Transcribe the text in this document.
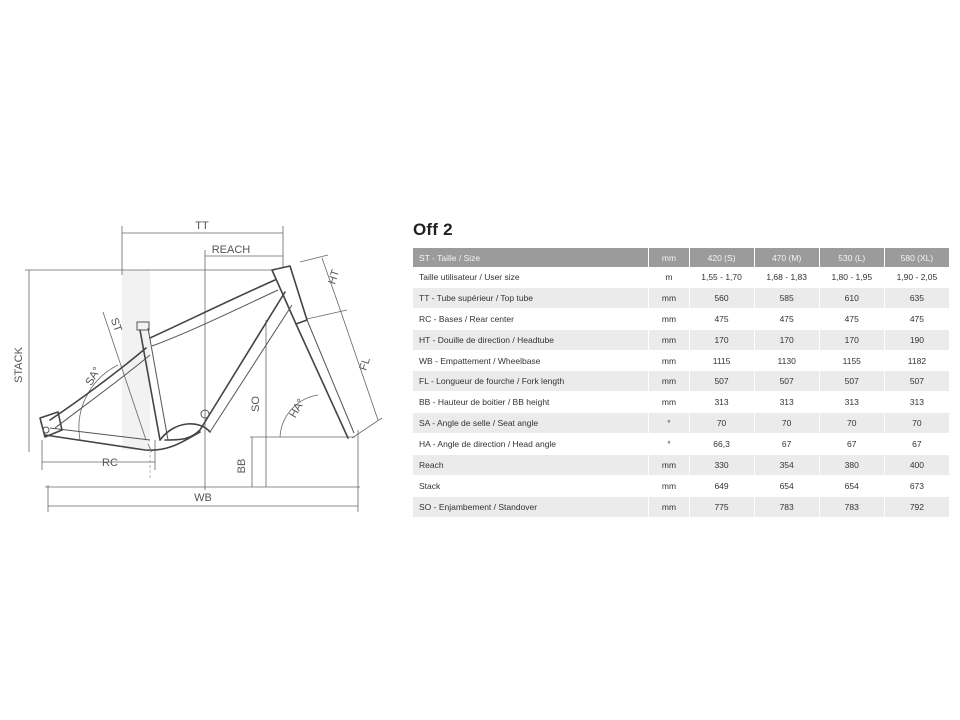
TT
REACH
STACK
HT
FL
ST
SA°
HA°
SO
BB
RC
WB
Off 2
ST - Taille / Size	mm	420 (S)	470 (M)	530 (L)	580 (XL)
Taille utilisateur / User size	m	1,55 - 1,70	1,68 - 1,83	1,80 - 1,95	1,90 - 2,05
TT - Tube supérieur / Top tube	mm	560	585	610	635
RC - Bases / Rear center	mm	475	475	475	475
HT - Douille de direction / Headtube	mm	170	170	170	190
WB - Empattement / Wheelbase	mm	1115	1130	1155	1182
FL - Longueur de fourche / Fork length	mm	507	507	507	507
BB - Hauteur de boitier / BB height	mm	313	313	313	313
SA - Angle de selle / Seat angle	°	70	70	70	70
HA - Angle de direction / Head angle	°	66,3	67	67	67
Reach	mm	330	354	380	400
Stack	mm	649	654	654	673
SO - Enjambement / Standover	mm	775	783	783	792
